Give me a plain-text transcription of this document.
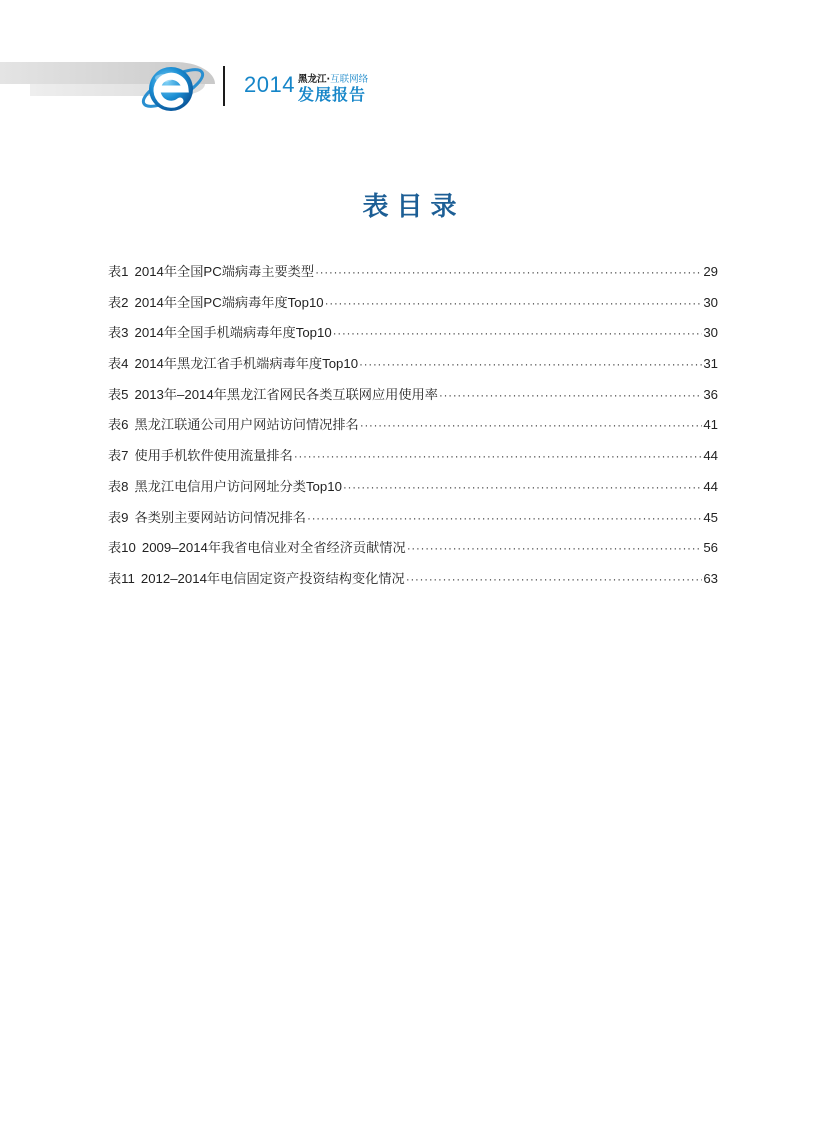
2014 黑龙江·互联网络
发展报告
表目录
表1 2014年全国PC端病毒主要类型 ·····	29
表2 2014年全国PC端病毒年度Top10 ·····	30
表3 2014年全国手机端病毒年度Top10 ·····	30
表4 2014年黑龙江省手机端病毒年度Top10 ·····	31
表5 2013年–2014年黑龙江省网民各类互联网应用使用率 ·····	36
表6 黑龙江联通公司用户网站访问情况排名 ·····	41
表7 使用手机软件使用流量排名 ·····	44
表8 黑龙江电信用户访问网址分类Top10 ·····	44
表9 各类别主要网站访问情况排名 ·····	45
表10 2009–2014年我省电信业对全省经济贡献情况 ·····	56
表11 2012–2014年电信固定资产投资结构变化情况 ·····	63
